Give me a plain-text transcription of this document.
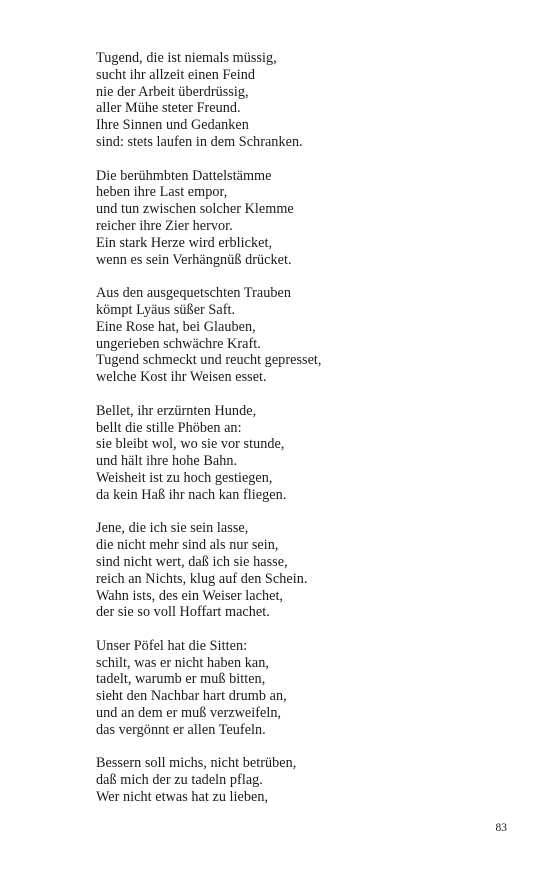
Tugend, die ist niemals müssig,
sucht ihr allzeit einen Feind
nie der Arbeit überdrüssig,
aller Mühe steter Freund.
Ihre Sinnen und Gedanken
sind: stets laufen in dem Schranken.
Die berühmbten Dattelstämme
heben ihre Last empor,
und tun zwischen solcher Klemme
reicher ihre Zier hervor.
Ein stark Herze wird erblicket,
wenn es sein Verhängnüß drücket.
Aus den ausgequetschten Trauben
kömpt Lyäus süßer Saft.
Eine Rose hat, bei Glauben,
ungerieben schwächre Kraft.
Tugend schmeckt und reucht gepresset,
welche Kost ihr Weisen esset.
Bellet, ihr erzürnten Hunde,
bellt die stille Phöben an:
sie bleibt wol, wo sie vor stunde,
und hält ihre hohe Bahn.
Weisheit ist zu hoch gestiegen,
da kein Haß ihr nach kan fliegen.
Jene, die ich sie sein lasse,
die nicht mehr sind als nur sein,
sind nicht wert, daß ich sie hasse,
reich an Nichts, klug auf den Schein.
Wahn ists, des ein Weiser lachet,
der sie so voll Hoffart machet.
Unser Pöfel hat die Sitten:
schilt, was er nicht haben kan,
tadelt, warumb er muß bitten,
sieht den Nachbar hart drumb an,
und an dem er muß verzweifeln,
das vergönnt er allen Teufeln.
Bessern soll michs, nicht betrüben,
daß mich der zu tadeln pflag.
Wer nicht etwas hat zu lieben,
83
